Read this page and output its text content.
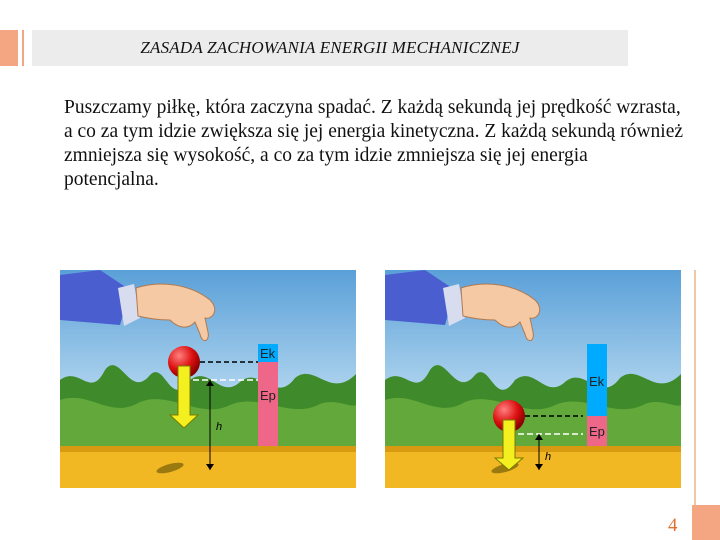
ZASADA ZACHOWANIA ENERGII MECHANICZNEJ

Puszczamy piłkę, która zaczyna spadać. Z każdą sekundą jej prędkość wzrasta, a co za tym idzie zwiększa się jej energia kinetyczna. Z każdą sekundą również zmniejsza się wysokość, a co za tym idzie zmniejsza się jej energia potencjalna.

h
Ek
Ep
h
Ek
Ep
4
